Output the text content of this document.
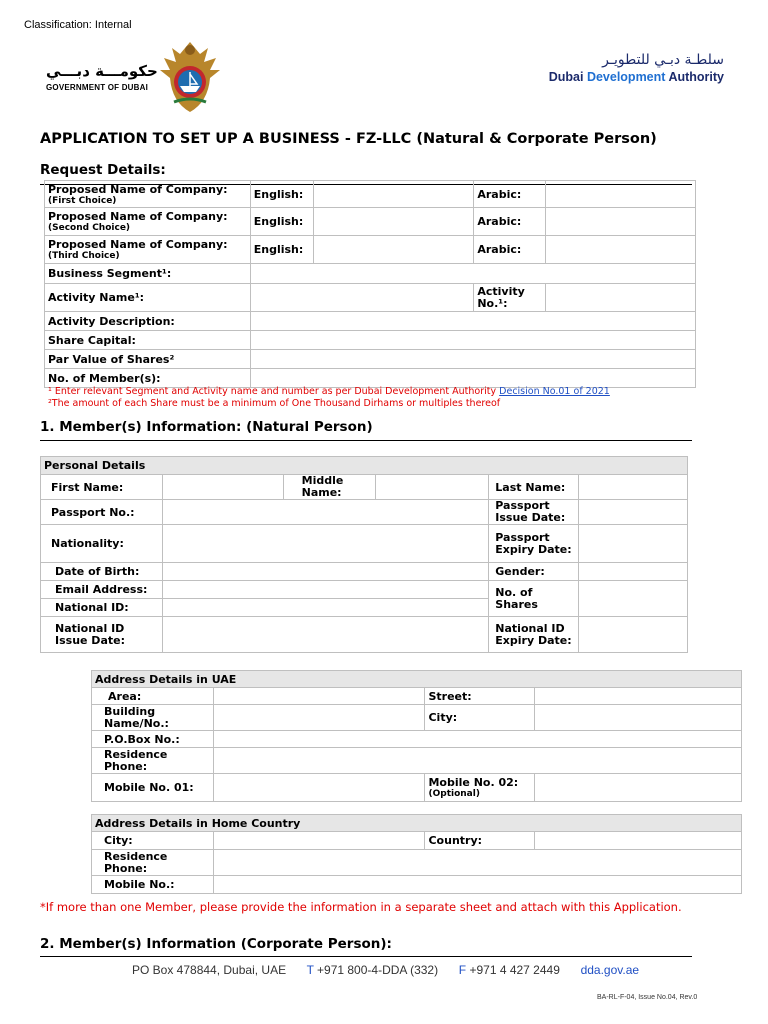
Classification: Internal
حكومـــة دبـــي
GOVERNMENT OF DUBAI
سلطـة دبـي للتطويـر
Dubai Development Authority
APPLICATION TO SET UP A BUSINESS - FZ-LLC (Natural & Corporate Person)
Request Details:
Proposed Name of Company:
(First Choice)	English:		Arabic:	
Proposed Name of Company:
(Second Choice)	English:		Arabic:	
Proposed Name of Company:
(Third Choice)	English:		Arabic:	
Business Segment¹:				
Activity Name¹:			Activity No.¹:	
Activity Description:				
Share Capital:				
Par Value of Shares²				
No. of Member(s):				
¹ Enter relevant Segment and Activity name and number as per Dubai Development Authority Decision No.01 of 2021
²The amount of each Share must be a minimum of One Thousand Dirhams or multiples thereof
1. Member(s) Information: (Natural Person)
Personal Details					
First Name:		Middle Name:		Last Name:	
Passport No.:				Passport Issue Date:	
Nationality:				Passport Expiry Date:	
Date of Birth:				Gender:	
Email Address:				No. of Shares	
National ID:					
National ID Issue Date:				National ID Expiry Date:	
Address Details in UAE			
Area:		Street:	
Building Name/No.:		City:	
P.O.Box No.:			
Residence Phone:			
Mobile No. 01:		Mobile No. 02:
(Optional)	

Address Details in Home Country			
City:		Country:	
Residence Phone:			
Mobile No.:			
*If more than one Member, please provide the information in a separate sheet and attach with this Application.
2. Member(s) Information (Corporate Person):
PO Box 478844, Dubai, UAE T +971 800-4-DDA (332) F +971 4 427 2449 dda.gov.ae
BA-RL-F-04, Issue No.04, Rev.0
